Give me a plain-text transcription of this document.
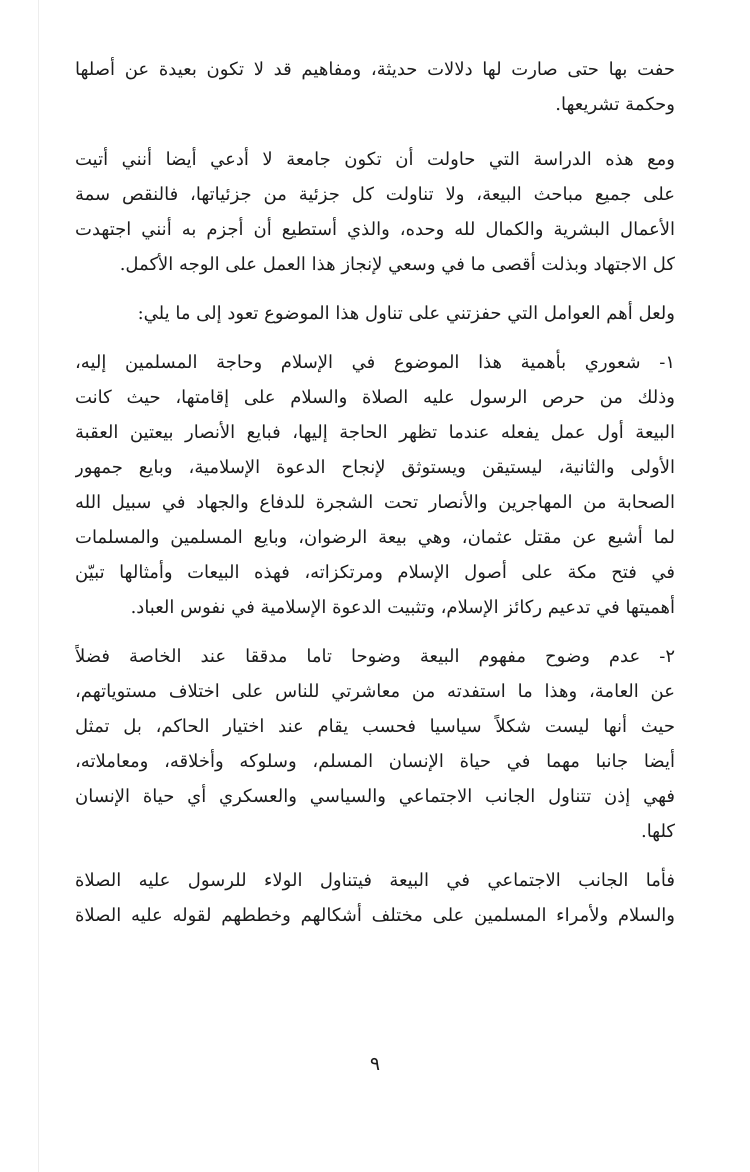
حفت بها حتى صارت لها دلالات حديثة، ومفاهيم قد لا تكون بعيدة عن أصلها
وحكمة تشريعها.

ومع هذه الدراسة التي حاولت أن تكون جامعة لا أدعي أيضا أنني أتيت
على جميع مباحث البيعة، ولا تناولت كل جزئية من جزئياتها، فالنقص سمة
الأعمال البشرية والكمال لله وحده، والذي أستطيع أن أجزم به أنني اجتهدت
كل الاجتهاد وبذلت أقصى ما في وسعي لإنجاز هذا العمل على الوجه الأكمل.

ولعل أهم العوامل التي حفزتني على تناول هذا الموضوع تعود إلى ما يلي:

١- شعوري بأهمية هذا الموضوع في الإسلام وحاجة المسلمين إليه،
وذلك من حرص الرسول عليه الصلاة والسلام على إقامتها، حيث كانت
البيعة أول عمل يفعله عندما تظهر الحاجة إليها، فبايع الأنصار بيعتين العقبة
الأولى والثانية، ليستيقن ويستوثق لإنجاح الدعوة الإسلامية، وبايع جمهور
الصحابة من المهاجرين والأنصار تحت الشجرة للدفاع والجهاد في سبيل الله
لما أشيع عن مقتل عثمان، وهي بيعة الرضوان، وبايع المسلمين والمسلمات
في فتح مكة على أصول الإسلام ومرتكزاته، فهذه البيعات وأمثالها تبيّن
أهميتها في تدعيم ركائز الإسلام، وتثبيت الدعوة الإسلامية في نفوس العباد.

٢- عدم وضوح مفهوم البيعة وضوحا تاما مدققا عند الخاصة فضلاً
عن العامة، وهذا ما استفدته من معاشرتي للناس على اختلاف مستوياتهم،
حيث أنها ليست شكلاً سياسيا فحسب يقام عند اختيار الحاكم، بل تمثل
أيضا جانبا مهما في حياة الإنسان المسلم، وسلوكه وأخلاقه، ومعاملاته،
فهي إذن تتناول الجانب الاجتماعي والسياسي والعسكري أي حياة الإنسان
كلها.

فأما الجانب الاجتماعي في البيعة فيتناول الولاء للرسول عليه الصلاة
والسلام ولأمراء المسلمين على مختلف أشكالهم وخططهم لقوله عليه الصلاة

٩
